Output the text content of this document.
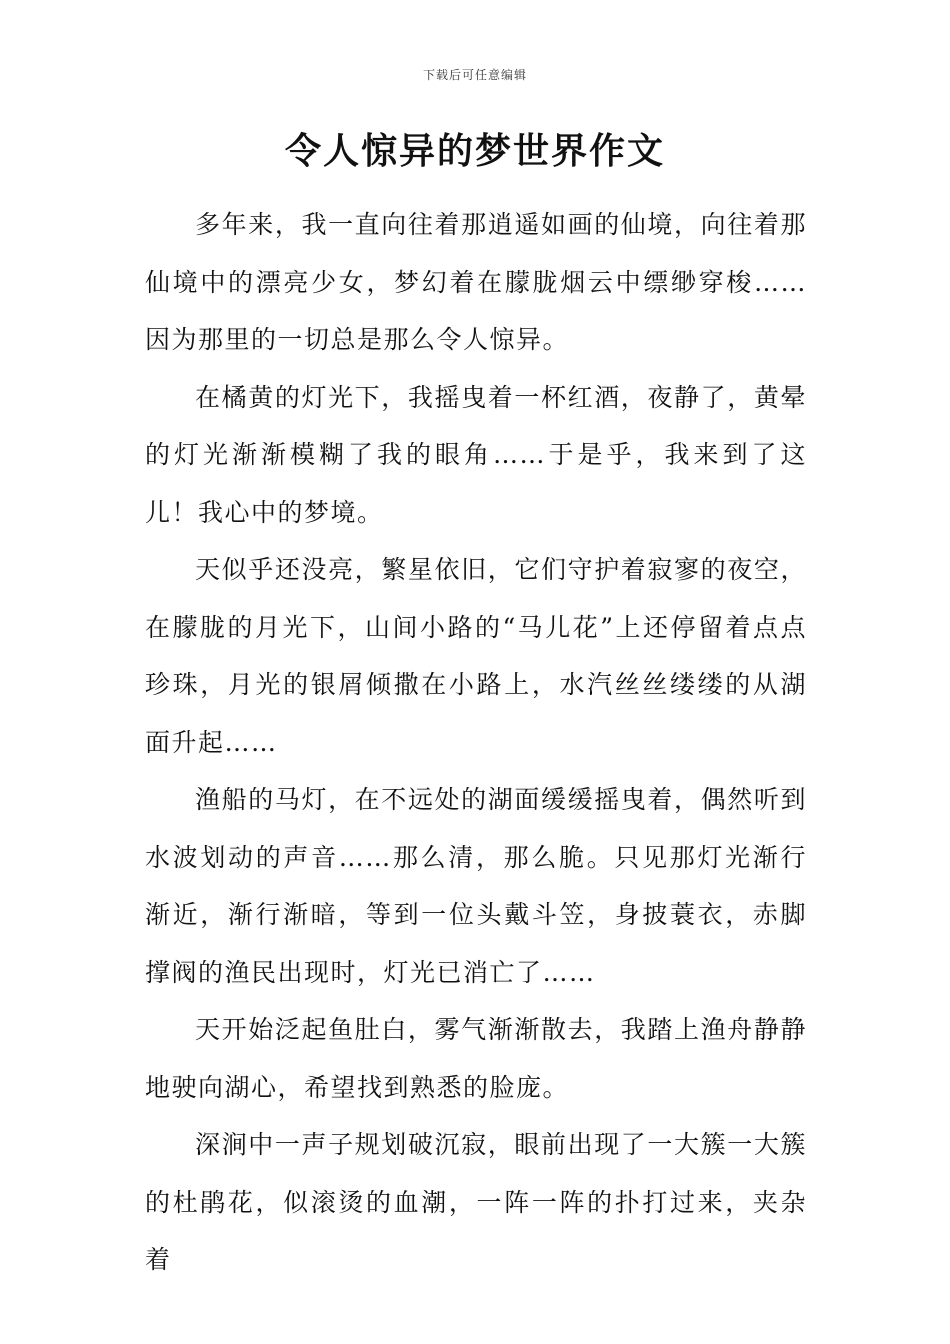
下载后可任意编辑
令人惊异的梦世界作文

多年来，我一直向往着那逍遥如画的仙境，向往着那仙境中的漂亮少女，梦幻着在朦胧烟云中缥缈穿梭……因为那里的一切总是那么令人惊异。

在橘黄的灯光下，我摇曳着一杯红酒，夜静了，黄晕的灯光渐渐模糊了我的眼角……于是乎，我来到了这儿！我心中的梦境。

天似乎还没亮，繁星依旧，它们守护着寂寥的夜空，在朦胧的月光下，山间小路的“马儿花”上还停留着点点珍珠，月光的银屑倾撒在小路上，水汽丝丝缕缕的从湖面升起……

渔船的马灯，在不远处的湖面缓缓摇曳着，偶然听到水波划动的声音……那么清，那么脆。只见那灯光渐行渐近，渐行渐暗，等到一位头戴斗笠，身披蓑衣，赤脚撑阀的渔民出现时，灯光已消亡了……

天开始泛起鱼肚白，雾气渐渐散去，我踏上渔舟静静地驶向湖心，希望找到熟悉的脸庞。

深涧中一声子规划破沉寂，眼前出现了一大簇一大簇的杜鹃花，似滚烫的血潮，一阵一阵的扑打过来，夹杂着
